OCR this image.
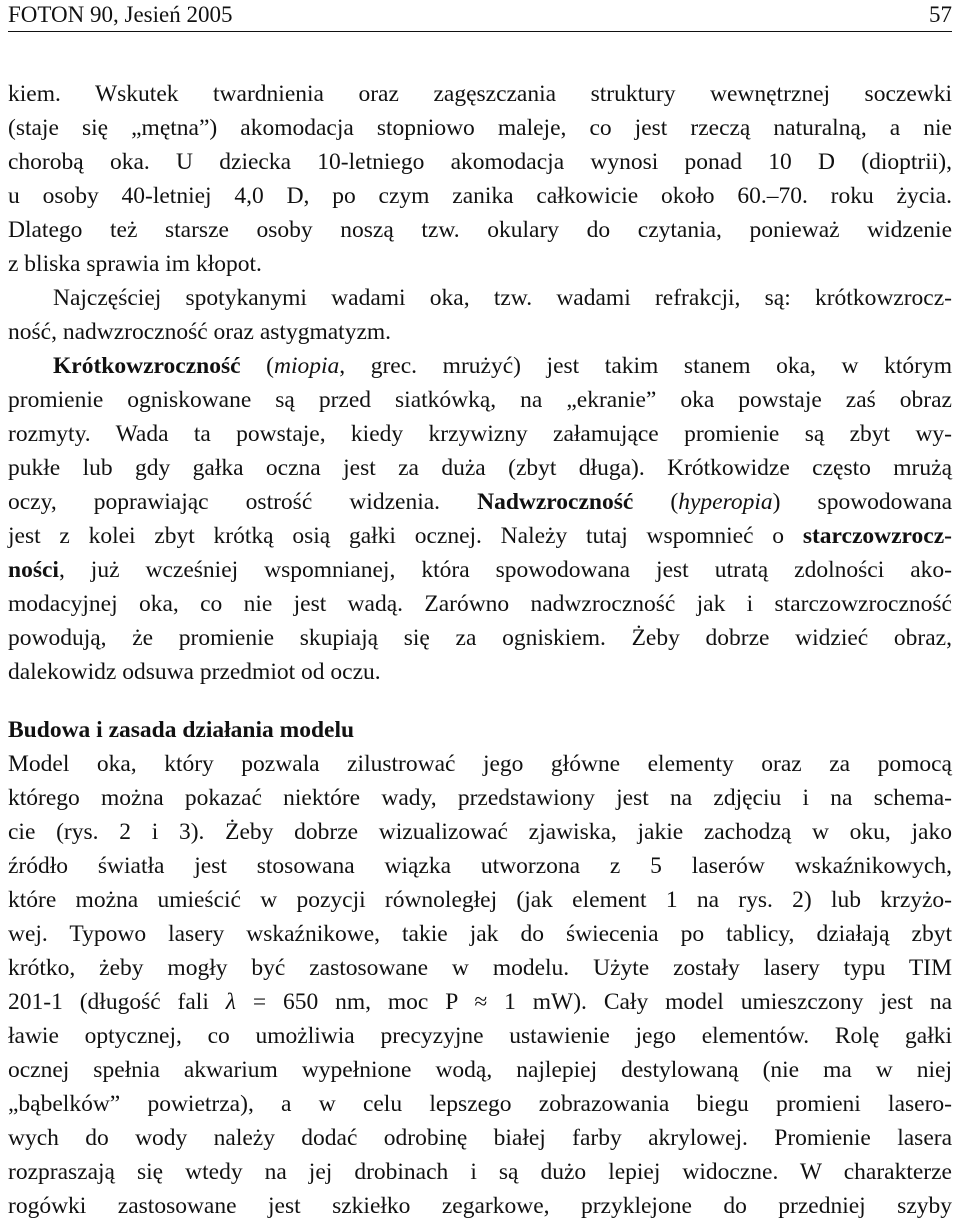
FOTON 90, Jesień 2005	57
kiem. Wskutek twardnienia oraz zagęszczania struktury wewnętrznej soczewki
(staje się „mętna”) akomodacja stopniowo maleje, co jest rzeczą naturalną, a nie
chorobą oka. U dziecka 10-letniego akomodacja wynosi ponad 10 D (dioptrii),
u osoby 40-letniej 4,0 D, po czym zanika całkowicie około 60.–70. roku życia.
Dlatego też starsze osoby noszą tzw. okulary do czytania, ponieważ widzenie
z bliska sprawia im kłopot.
Najczęściej spotykanymi wadami oka, tzw. wadami refrakcji, są: krótkowzrocz-
ność, nadwzroczność oraz astygmatyzm.
Krótkowzroczność (miopia, grec. mrużyć) jest takim stanem oka, w którym
promienie ogniskowane są przed siatkówką, na „ekranie” oka powstaje zaś obraz
rozmyty. Wada ta powstaje, kiedy krzywizny załamujące promienie są zbyt wy-
pukłe lub gdy gałka oczna jest za duża (zbyt długa). Krótkowidze często mrużą
oczy, poprawiając ostrość widzenia. Nadwzroczność (hyperopia) spowodowana
jest z kolei zbyt krótką osią gałki ocznej. Należy tutaj wspomnieć o starczowzrocz-
ności, już wcześniej wspomnianej, która spowodowana jest utratą zdolności ako-
modacyjnej oka, co nie jest wadą. Zarówno nadwzroczność jak i starczowzroczność
powodują, że promienie skupiają się za ogniskiem. Żeby dobrze widzieć obraz,
dalekowidz odsuwa przedmiot od oczu.
Budowa i zasada działania modelu
Model oka, który pozwala zilustrować jego główne elementy oraz za pomocą
którego można pokazać niektóre wady, przedstawiony jest na zdjęciu i na schema-
cie (rys. 2 i 3). Żeby dobrze wizualizować zjawiska, jakie zachodzą w oku, jako
źródło światła jest stosowana wiązka utworzona z 5 laserów wskaźnikowych,
które można umieścić w pozycji równoległej (jak element 1 na rys. 2) lub krzyżo-
wej. Typowo lasery wskaźnikowe, takie jak do świecenia po tablicy, działają zbyt
krótko, żeby mogły być zastosowane w modelu. Użyte zostały lasery typu TIM
201-1 (długość fali λ = 650 nm, moc P ≈ 1 mW). Cały model umieszczony jest na
ławie optycznej, co umożliwia precyzyjne ustawienie jego elementów. Rolę gałki
ocznej spełnia akwarium wypełnione wodą, najlepiej destylowaną (nie ma w niej
„bąbelków” powietrza), a w celu lepszego zobrazowania biegu promieni lasero-
wych do wody należy dodać odrobinę białej farby akrylowej. Promienie lasera
rozpraszają się wtedy na jej drobinach i są dużo lepiej widoczne. W charakterze
rogówki zastosowane jest szkiełko zegarkowe, przyklejone do przedniej szyby
